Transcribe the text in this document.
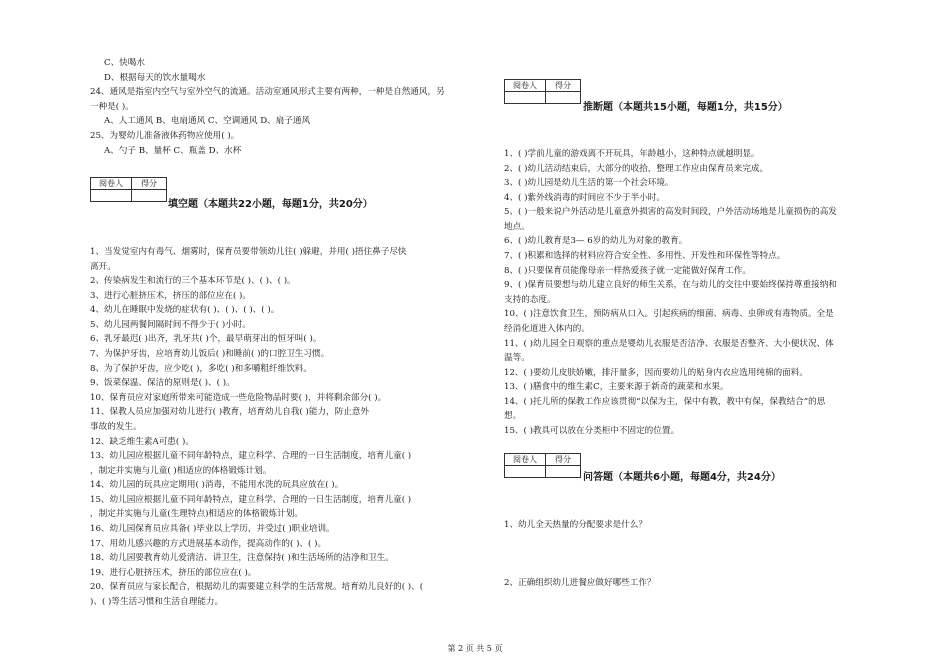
C、快喝水
D、根据每天的饮水量喝水
24、通风是指室内空气与室外空气的流通。活动室通风形式主要有两种，一种是自然通风，另
一种是( )。
A、人工通风 B、电扇通风 C、空调通风 D、扇子通风
25、为婴幼儿准备液体药物应使用( )。
A、勺子 B、量杯 C、瓶盖 D、水杯
阅卷人	得分

填空题（本题共22小题，每题1分，共20分）
1、当发觉室内有毒气、烟雾时，保育员要带领幼儿往( )躲避，并用( )捂住鼻子尽快
离开。
2、传染病发生和流行的三个基本环节是( )、( )、( )。
3、进行心脏挤压术，挤压的部位应在( )。
4、幼儿在睡眠中发烧的症状有( )、( )、( )、( )。
5、幼儿园两餐间隔时间不得少于( )小时。
6、乳牙最迟( )出齐，乳牙共( )个，最早萌芽出的恒牙叫( )。
7、为保护牙齿，应培育幼儿饭后( )和睡前( )的口腔卫生习惯。
8、为了保护牙齿，应少吃( )，多吃( )和多嚼粗纤维饮料。
9、饭菜保温、保洁的原则是( )、( )。
10、保育员应对家庭所带来可能造成一些危险物品时要( )，并将剩余部分( )。
11、保教人员应加强对幼儿进行( )教育，培育幼儿自我( )能力，防止意外
事故的发生。
12、缺乏维生素A可患( )。
13、幼儿园应根据儿童不同年龄特点，建立科学、合理的一日生活制度，培育儿童( )
，制定并实施与儿童( )相适应的体格锻炼计划。
14、幼儿园的玩具应定期用( )消毒，不能用水洗的玩具应放在( )。
15、幼儿园应根据儿童不同年龄特点，建立科学、合理的一日生活制度，培育儿童( )
，制定并实施与儿童(生理特点)相适应的体格锻炼计划。
16、幼儿园保育员应具备( )毕业以上学历，并受过( )职业培训。
17、用幼儿感兴趣的方式进展基本动作，提高动作的( )、( )。
18、幼儿园要教育幼儿爱清洁、讲卫生，注意保持( )和生活场所的洁净和卫生。
19、进行心脏挤压术，挤压的部位应在( )。
20、保育员应与家长配合，根据幼儿的需要建立科学的生活常规。培育幼儿良好的( )、(
)、( )等生活习惯和生活自理能力。
阅卷人	得分

推断题（本题共15小题，每题1分，共15分）
1、( )学前儿童的游戏离不开玩具，年龄越小，这种特点就越明显。
2、( )幼儿活动结束后，大部分的收拾，整理工作应由保育员来完成。
3、( )幼儿园是幼儿生活的第一个社会环境。
4、( )紫外线消毒的时间应不少于半小时。
5、( )一般来说户外活动是儿童意外损害的高发时间段，户外活动场地是儿童损伤的高发
地点。
6、( )幼儿教育是3— 6岁的幼儿为对象的教育。
7、( )积累和选择的材料应符合安全性、多用性、开发性和环保性等特点。
8、( )只要保育员能像母亲一样热爱孩子就一定能做好保育工作。
9、( )保育员要想与幼儿建立良好的师生关系，在与幼儿的交往中要始终保持尊重接纳和
支持的态度。
10、( )注意饮食卫生，预防病从口入。引起疾病的细菌、病毒、虫卵或有毒物质。全是
经消化道进入体内的。
11、( )幼儿园全日观察的重点是婴幼儿衣服是否洁净、衣服是否整齐、大小便状况、体
温等。
12、( )要幼儿皮肤娇嫩，排汗量多，因而要幼儿的贴身内衣应选用纯棉的面料。
13、( )膳食中的维生素C，主要来源于新奇的蔬菜和水果。
14、( )托儿所的保教工作应该贯彻“以保为主，保中有教，教中有保，保教结合”的思
想。
15、( )教具可以放在分类柜中不固定的位置。
阅卷人	得分

问答题（本题共6小题，每题4分，共24分）
1、幼儿全天热量的分配要求是什么？
2、正确组织幼儿进餐应做好哪些工作？
第 2 页 共 5 页
